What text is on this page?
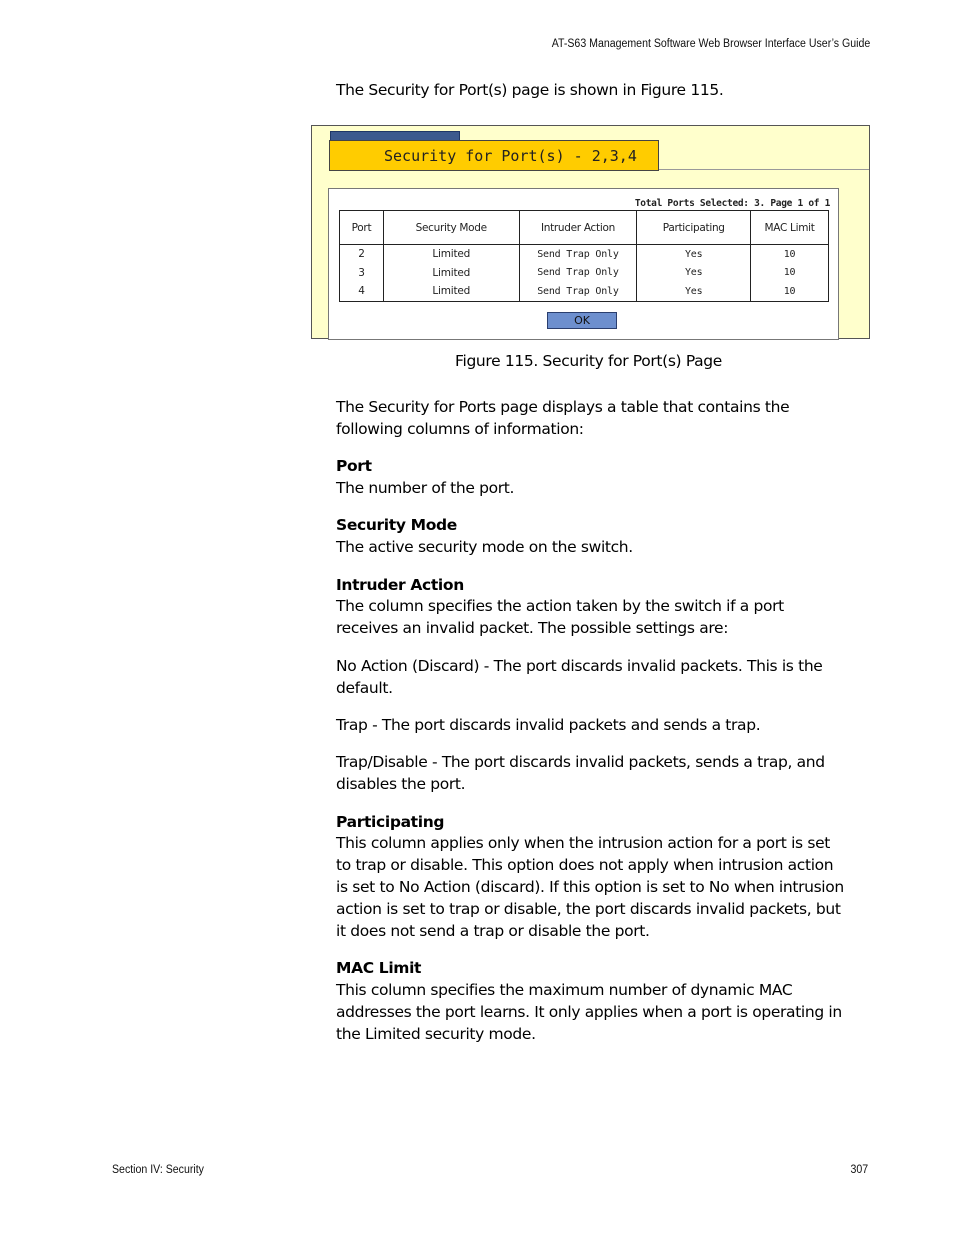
AT-S63 Management Software Web Browser Interface User’s Guide
The Security for Port(s) page is shown in Figure 115.
Security for Port(s) - 2,3,4
Total Ports Selected: 3. Page 1 of 1
Port	Security Mode	Intruder Action	Participating	MAC Limit
2	Limited	Send Trap Only	Yes	10
3	Limited	Send Trap Only	Yes	10
4	Limited	Send Trap Only	Yes	10
OK
Figure 115. Security for Port(s) Page
The Security for Ports page displays a table that contains the following columns of information:
Port
The number of the port.
Security Mode
The active security mode on the switch.
Intruder Action
The column specifies the action taken by the switch if a port receives an invalid packet. The possible settings are:
No Action (Discard) - The port discards invalid packets. This is the default.
Trap - The port discards invalid packets and sends a trap.
Trap/Disable - The port discards invalid packets, sends a trap, and disables the port.
Participating
This column applies only when the intrusion action for a port is set to trap or disable. This option does not apply when intrusion action is set to No Action (discard). If this option is set to No when intrusion action is set to trap or disable, the port discards invalid packets, but it does not send a trap or disable the port.
MAC Limit
This column specifies the maximum number of dynamic MAC addresses the port learns. It only applies when a port is operating in the Limited security mode.
Section IV: Security	307
